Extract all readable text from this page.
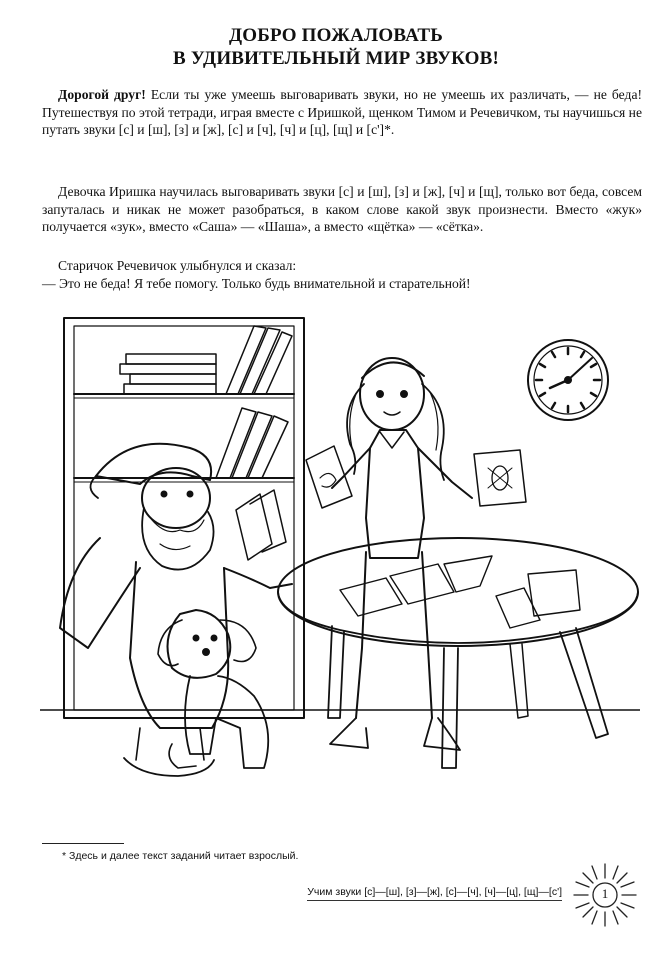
ДОБРО ПОЖАЛОВАТЬ
В УДИВИТЕЛЬНЫЙ МИР ЗВУКОВ!
Дорогой друг! Если ты уже умеешь выговаривать звуки, но не умеешь их различать, — не беда! Путешествуя по этой тетради, играя вместе с Иришкой, щенком Тимом и Речевичком, ты научишься не путать звуки [с] и [ш], [з] и [ж], [с] и [ч], [ч] и [ц], [щ] и [с']*.
Девочка Иришка научилась выговаривать звуки [с] и [ш], [з] и [ж], [ч] и [щ], только вот беда, совсем запуталась и никак не может разобраться, в каком слове какой звук произнести. Вместо «жук» получается «зук», вместо «Саша» — «Шаша», а вместо «щётка» — «сётка».
Старичок Речевичок улыбнулся и сказал:
— Это не беда! Я тебе помогу. Только будь внимательной и старательной!
* Здесь и далее текст заданий читает взрослый.
Учим звуки [с]—[ш], [з]—[ж], [с]—[ч], [ч]—[ц], [щ]—[с']	1
